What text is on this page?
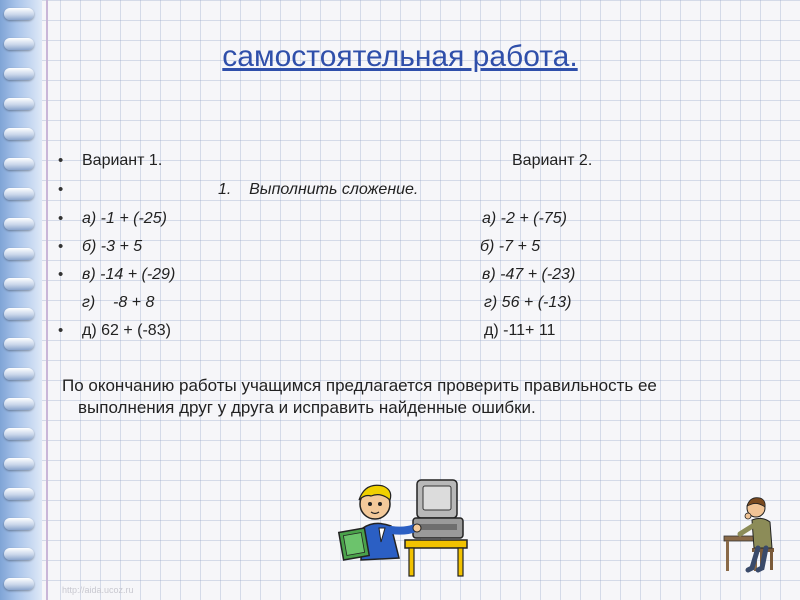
самостоятельная работа.
•
•
•
•
•
•
Вариант 1.	Вариант 2.
1.    Выполнить сложение.
а) -1 + (-25)	а) -2 + (-75)
б) -3 + 5	б) -7 + 5
в) -14 + (-29)	в) -47 + (-23)
г)    -8 + 8	г) 56 + (-13)
д) 62 + (-83)	д) -11+ 11
По окончанию работы учащимся предлагается проверить правильность ее
выполнения друг у друга и исправить найденные ошибки.
http://aida.ucoz.ru
